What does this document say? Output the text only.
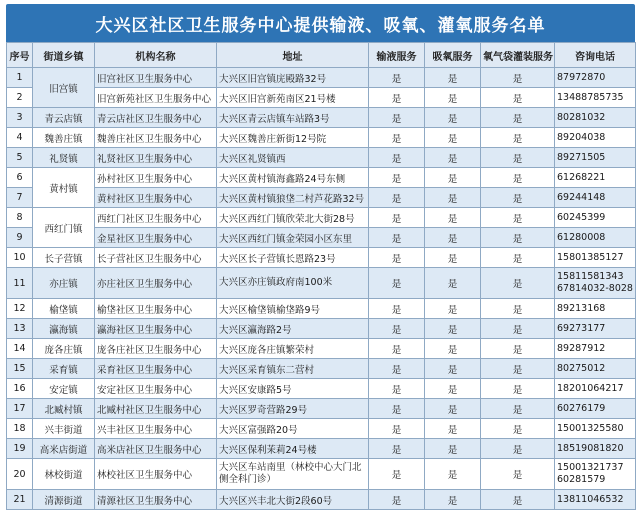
大兴区社区卫生服务中心提供输液、吸氧、灌氧服务名单
序号	街道乡镇	机构名称	地址	输液服务	吸氧服务	氧气袋灌装服务	咨询电话
1	旧宫镇	旧宫社区卫生服务中心	大兴区旧宫镇庑殿路32号	是	是	是	87972870
2		旧宫新苑社区卫生服务中心	大兴区旧宫新苑南区21号楼	是	是	是	13488785735
3	青云店镇	青云店社区卫生服务中心	大兴区青云店镇车站路3号	是	是	是	80281032
4	魏善庄镇	魏善庄社区卫生服务中心	大兴区魏善庄新街12号院	是	是	是	89204038
5	礼贤镇	礼贤社区卫生服务中心	大兴区礼贤镇西	是	是	是	89271505
6	黄村镇	孙村社区卫生服务中心	大兴区黄村镇海鑫路24号东侧	是	是	是	61268221
7		黄村社区卫生服务中心	大兴区黄村镇狼垡二村芦花路32号	是	是	是	69244148
8	西红门镇	西红门社区卫生服务中心	大兴区西红门镇欣荣北大街28号	是	是	是	60245399
9		金星社区卫生服务中心	大兴区西红门镇金荣园小区东里	是	是	是	61280008
10	长子营镇	长子营社区卫生服务中心	大兴区长子营镇长恩路23号	是	是	是	15801385127
11	亦庄镇	亦庄社区卫生服务中心	大兴区亦庄镇政府南100米	是	是	是	15811581343 67814032-8028
12	榆垡镇	榆垡社区卫生服务中心	大兴区榆垡镇榆垡路9号	是	是	是	89213168
13	瀛海镇	瀛海社区卫生服务中心	大兴区瀛海路2号	是	是	是	69273177
14	庞各庄镇	庞各庄社区卫生服务中心	大兴区庞各庄镇繁荣村	是	是	是	89287912
15	采育镇	采育社区卫生服务中心	大兴区采育镇东二营村	是	是	是	80275012
16	安定镇	安定社区卫生服务中心	大兴区安康路5号	是	是	是	18201064217
17	北臧村镇	北臧村社区卫生服务中心	大兴区罗奇营路29号	是	是	是	60276179
18	兴丰街道	兴丰社区卫生服务中心	大兴区富强路20号	是	是	是	15001325580
19	高米店街道	高米店社区卫生服务中心	大兴区保利茉莉24号楼	是	是	是	18519081820
20	林校街道	林校社区卫生服务中心	大兴区车站南里（林校中心大门北侧全科门诊）	是	是	是	15001321737 60281579
21	清源街道	清源社区卫生服务中心	大兴区兴丰北大街2段60号	是	是	是	13811046532
